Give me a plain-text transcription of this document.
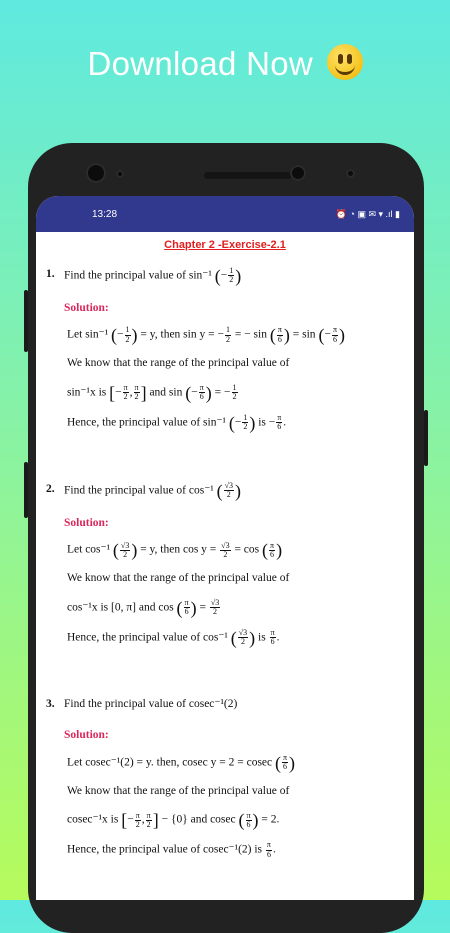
Download Now
13:28	⏰ ◔ ▣ ✉ ▾ .ıl ▮
Chapter 2 -Exercise-2.1
1. Find the principal value of sin⁻¹ (− $\frac{1}{2}$ )
Solution:
Let sin⁻¹ (− $\frac{1}{2}$ ) = y, then sin y = − $\frac{1}{2}$ = − sin ( $\frac{\pi}{6}$ ) = sin (− $\frac{\pi}{6}$ )
We know that the range of the principal value of
sin⁻¹x is [− $\frac{\pi}{2}$ , $\frac{\pi}{2}$ ] and sin (− $\frac{\pi}{6}$ ) = − $\frac{1}{2}$
Hence, the principal value of sin⁻¹ (− $\frac{1}{2}$ ) is − $\frac{\pi}{6}$ .
2. Find the principal value of cos⁻¹ ( $\frac{√3}{2}$ )
Solution:
Let cos⁻¹ ( $\frac{√3}{2}$ ) = y, then $\cos y = \frac{√3}{2} = \cos$ ( $\frac{\pi}{6}$ )
We know that the range of the principal value of
cos⁻¹x is [0, π] and cos ( $\frac{\pi}{6}$ ) = $\frac{√3}{2}$
Hence, the principal value of cos⁻¹ ( $\frac{√3}{2}$ ) is $\frac{\pi}{6}$ .
3. Find the principal value of cosec⁻¹(2)
Solution:
Let cosec⁻¹(2) = y. then, cosec y = 2 = cosec ( $\frac{\pi}{6}$ )
We know that the range of the principal value of
cosec⁻¹x is [− $\frac{\pi}{2}$ , $\frac{\pi}{2}$ ] − {0} and cosec ( $\frac{\pi}{6}$ ) = 2.
Hence, the principal value of cosec⁻¹(2) is $\frac{\pi}{6}$ .
